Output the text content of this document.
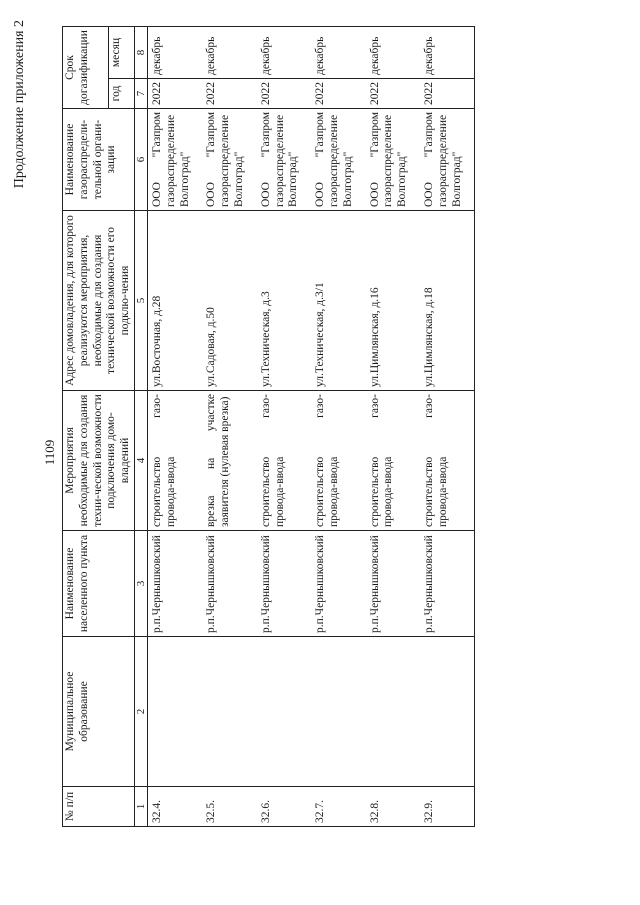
1109
Продолжение приложения 2
№ п/п	Муниципальное образование	Наименование населенного пункта	Мероприятия необходимые для создания техни-ческой возможности подключения домо-владений	Адрес домовладения, для которого реализуются мероприятия, необходимые для создания технической возможности его подклю-чения	Наименование газораспредели-тельной органи-зации	Срок догазификации	
						год	месяц
1	2	3	4	5	6	7	8
32.4.		р.п.Чернышковский	строительство газо-провода-ввода	ул.Восточная, д.28	ООО "Газпром газораспределение Волгоград"	2022	декабрь
32.5.		р.п.Чернышковский	врезка на участке заявителя (нулевая врезка)	ул.Садовая, д.50	ООО "Газпром газораспределение Волгоград"	2022	декабрь
32.6.		р.п.Чернышковский	строительство газо-провода-ввода	ул.Техническая, д.3	ООО "Газпром газораспределение Волгоград"	2022	декабрь
32.7.		р.п.Чернышковский	строительство газо-провода-ввода	ул.Техническая, д.3/1	ООО "Газпром газораспределение Волгоград"	2022	декабрь
32.8.		р.п.Чернышковский	строительство газо-провода-ввода	ул.Цимлянская, д.16	ООО "Газпром газораспределение Волгоград"	2022	декабрь
32.9.		р.п.Чернышковский	строительство газо-провода-ввода	ул.Цимлянская, д.18	ООО "Газпром газораспределение Волгоград"	2022	декабрь
